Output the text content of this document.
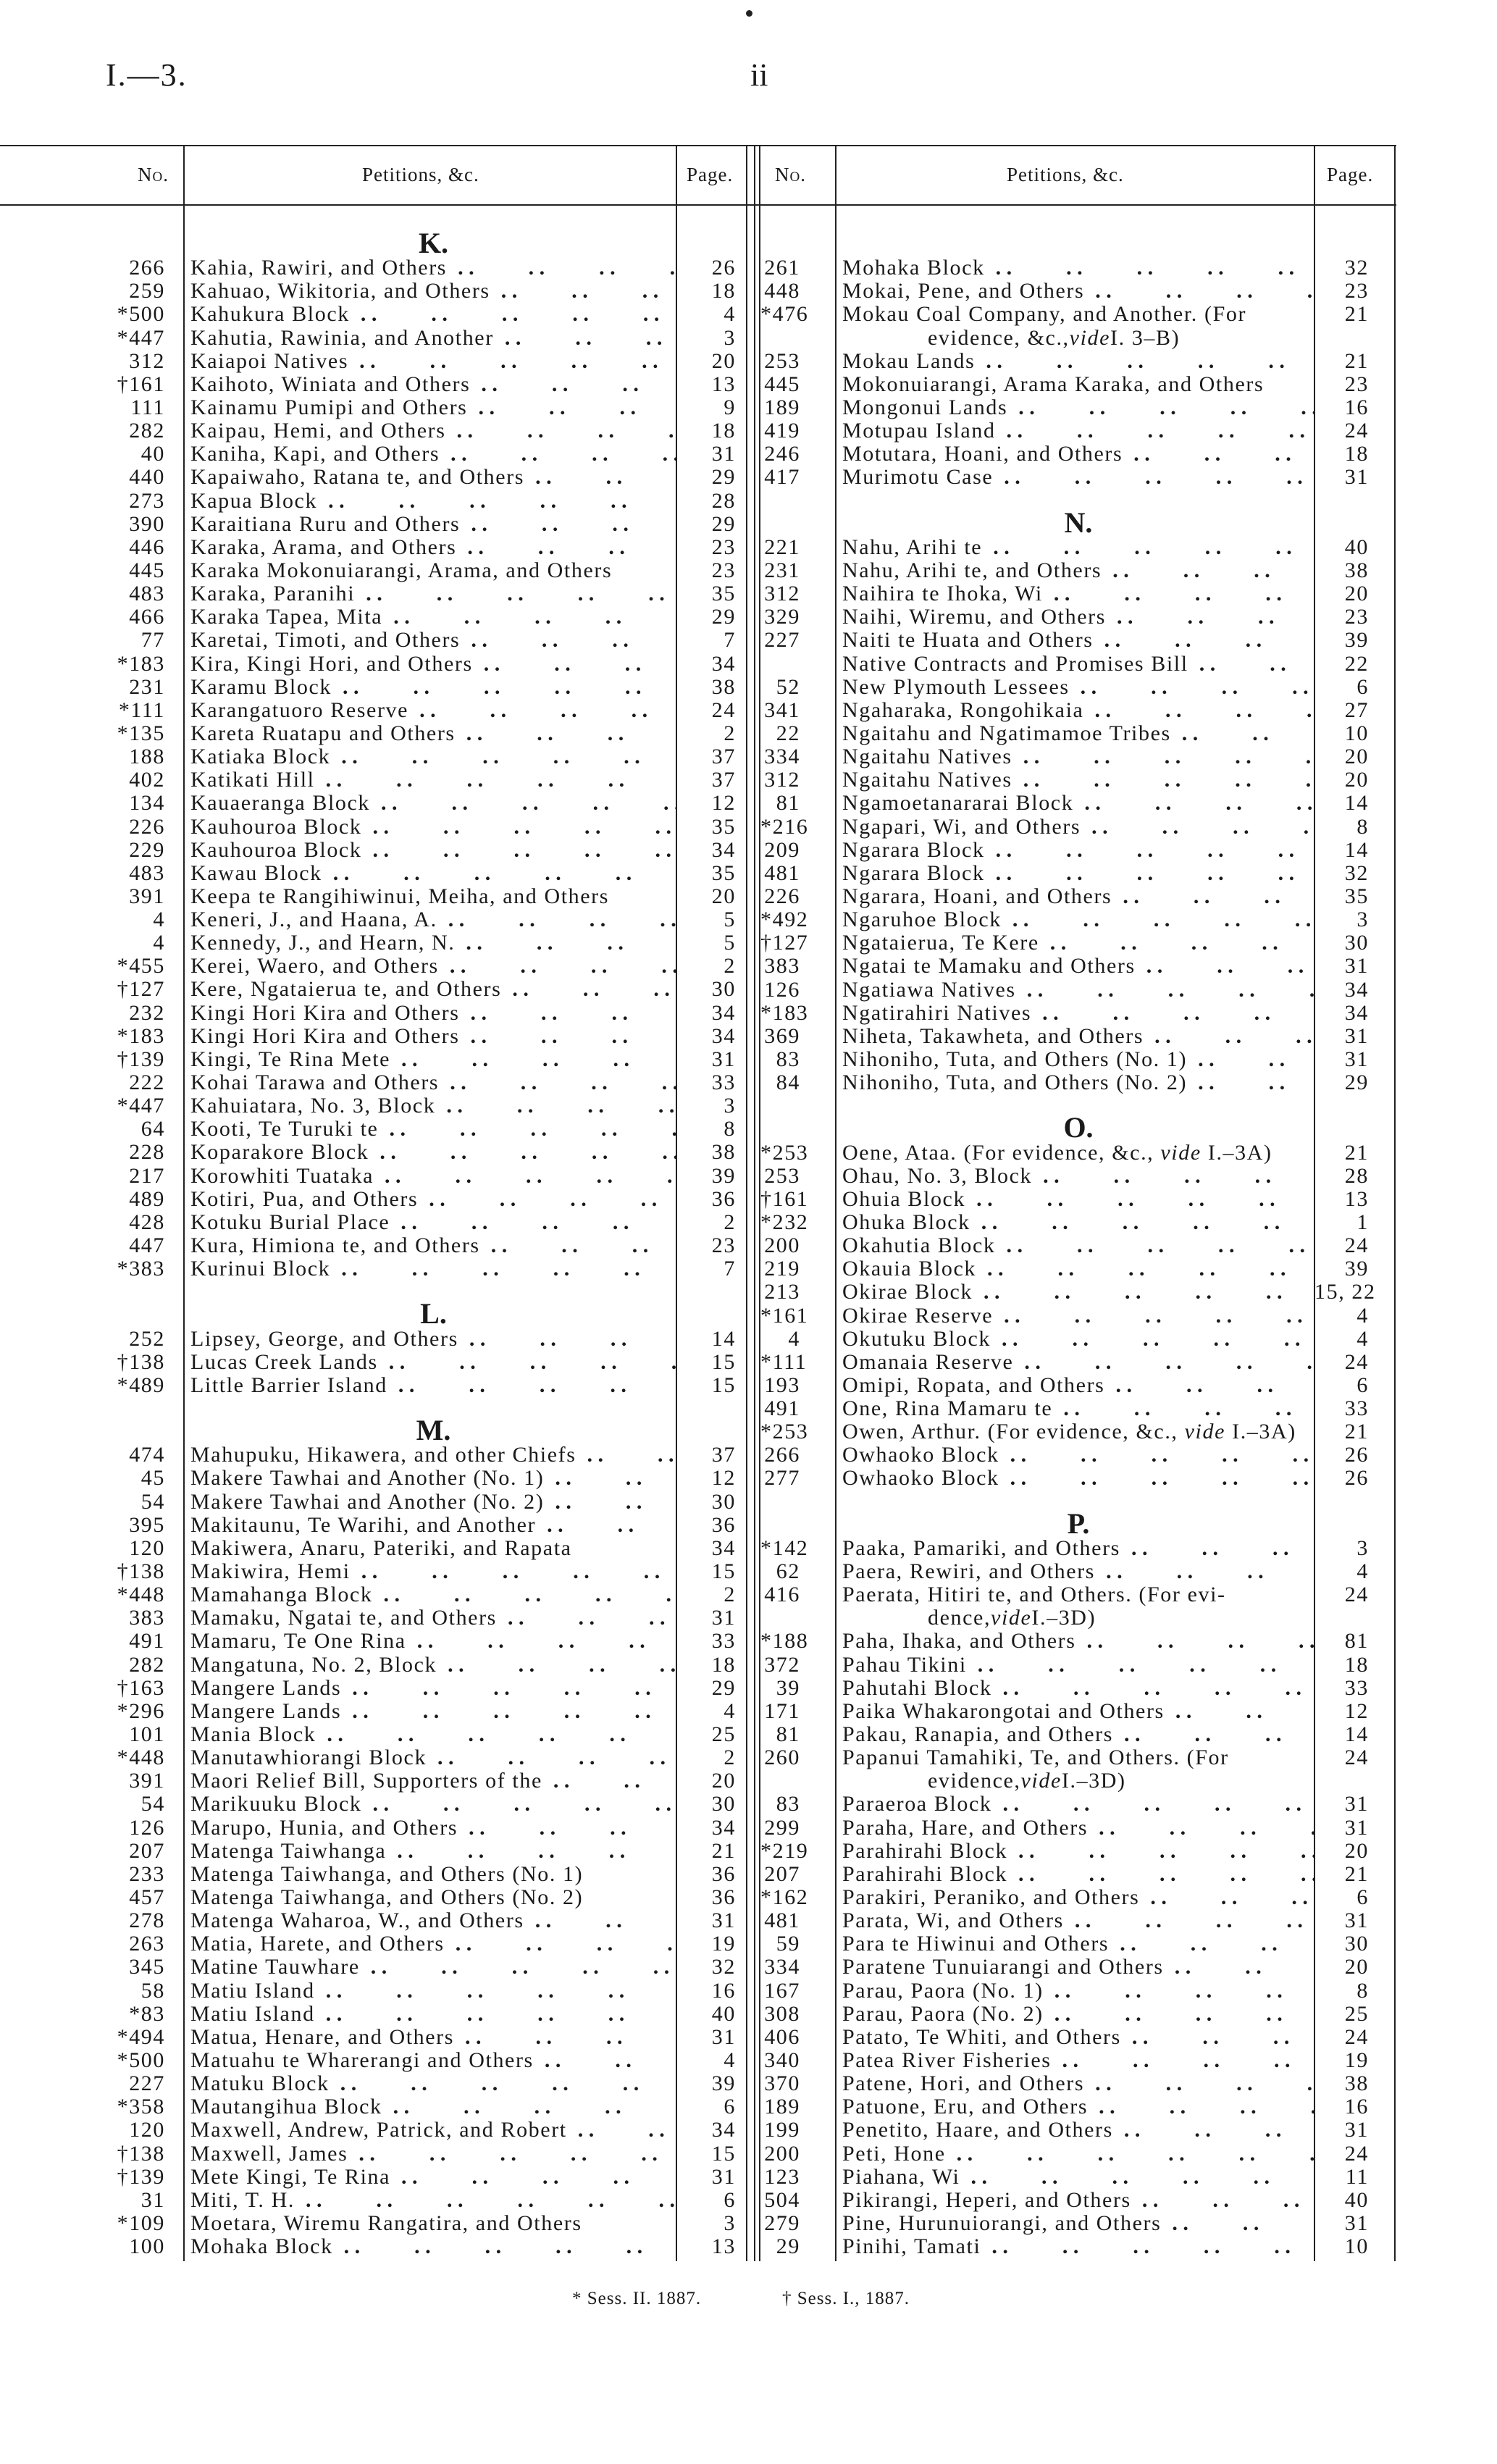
I.—3.	ii
No.	Petitions, &c.	Page. No.	Petitions, &c.	Page.
K.
266	Kahia, Rawiri, and Others . .	26
259	Kahuao, Wikitoria, and Others . .	18
*500	Kahukura Block . .	4
*447	Kahutia, Rawinia, and Another . .	3
312	Kaiapoi Natives . .	20
†161	Kaihoto, Winiata and Others . .	13
111	Kainamu Pumipi and Others . .	9
282	Kaipau, Hemi, and Others . .	18
40	Kaniha, Kapi, and Others . .	31
440	Kapaiwaho, Ratana te, and Others . .	29
273	Kapua Block . .	28
390	Karaitiana Ruru and Others . .	29
446	Karaka, Arama, and Others . .	23
445	Karaka Mokonuiarangi, Arama, and Others	23
483	Karaka, Paranihi . .	35
466	Karaka Tapea, Mita . .	29
77	Karetai, Timoti, and Others . .	7
*183	Kira, Kingi Hori, and Others . .	34
231	Karamu Block . .	38
*111	Karangatuoro Reserve . .	24
*135	Kareta Ruatapu and Others . .	2
188	Katiaka Block . .	37
402	Katikati Hill . .	37
134	Kauaeranga Block . .	12
226	Kauhouroa Block . .	35
229	Kauhouroa Block . .	34
483	Kawau Block . .	35
391	Keepa te Rangihiwinui, Meiha, and Others	20
4	Keneri, J., and Haana, A. . .	5
4	Kennedy, J., and Hearn, N. . .	5
*455	Kerei, Waero, and Others . .	2
†127	Kere, Ngataierua te, and Others . .	30
232	Kingi Hori Kira and Others . .	34
*183	Kingi Hori Kira and Others . .	34
†139	Kingi, Te Rina Mete . .	31
222	Kohai Tarawa and Others . .	33
*447	Kahuiatara, No. 3, Block . .	3
64	Kooti, Te Turuki te . .	8
228	Koparakore Block . .	38
217	Korowhiti Tuataka . .	39
489	Kotiri, Pua, and Others . .	36
428	Kotuku Burial Place . .	2
447	Kura, Himiona te, and Others . .	23
*383	Kurinui Block . .	7
L.
252	Lipsey, George, and Others . .	14
†138	Lucas Creek Lands . .	15
*489	Little Barrier Island . .	15
M.
474	Mahupuku, Hikawera, and other Chiefs . .	37
45	Makere Tawhai and Another (No. 1) . .	12
54	Makere Tawhai and Another (No. 2) . .	30
395	Makitaunu, Te Warihi, and Another . .	36
120	Makiwera, Anaru, Pateriki, and Rapata	34
†138	Makiwira, Hemi . .	15
*448	Mamahanga Block . .	2
383	Mamaku, Ngatai te, and Others . .	31
491	Mamaru, Te One Rina . .	33
282	Mangatuna, No. 2, Block . .	18
†163	Mangere Lands . .	29
*296	Mangere Lands . .	4
101	Mania Block . .	25
*448	Manutawhiorangi Block . .	2
391	Maori Relief Bill, Supporters of the . .	20
54	Marikuuku Block . .	30
126	Marupo, Hunia, and Others . .	34
207	Matenga Taiwhanga . .	21
233	Matenga Taiwhanga, and Others (No. 1)	36
457	Matenga Taiwhanga, and Others (No. 2)	36
278	Matenga Waharoa, W., and Others . .	31
263	Matia, Harete, and Others . .	19
345	Matine Tauwhare . .	32
58	Matiu Island . .	16
*83	Matiu Island . .	40
*494	Matua, Henare, and Others . .	31
*500	Matuahu te Wharerangi and Others . .	4
227	Matuku Block . .	39
*358	Mautangihua Block . .	6
120	Maxwell, Andrew, Patrick, and Robert . .	34
†138	Maxwell, James . .	15
†139	Mete Kingi, Te Rina . .	31
31	Miti, T. H. . .	6
*109	Moetara, Wiremu Rangatira, and Others	3
100	Mohaka Block . .	13
261	Mohaka Block . .	32
448	Mokai, Pene, and Others . .	23
*476	Mokau Coal Company, and Another. (For	21
evidence, &c., vide I. 3–B)
253	Mokau Lands . .	21
445	Mokonuiarangi, Arama Karaka, and Others	23
189	Mongonui Lands . .	16
419	Motupau Island . .	24
246	Motutara, Hoani, and Others . .	18
417	Murimotu Case . .	31
N.
221	Nahu, Arihi te . .	40
231	Nahu, Arihi te, and Others . .	38
312	Naihira te Ihoka, Wi . .	20
329	Naihi, Wiremu, and Others . .	23
227	Naiti te Huata and Others . .	39
Native Contracts and Promises Bill . .	22
52	New Plymouth Lessees . .	6
341	Ngaharaka, Rongohikaia . .	27
22	Ngaitahu and Ngatimamoe Tribes . .	10
334	Ngaitahu Natives . .	20
312	Ngaitahu Natives . .	20
81	Ngamoetanararai Block . .	14
*216	Ngapari, Wi, and Others . .	8
209	Ngarara Block . .	14
481	Ngarara Block . .	32
226	Ngarara, Hoani, and Others . .	35
*492	Ngaruhoe Block . .	3
†127	Ngataierua, Te Kere . .	30
383	Ngatai te Mamaku and Others . .	31
126	Ngatiawa Natives . .	34
*183	Ngatirahiri Natives . .	34
369	Niheta, Takawheta, and Others . .	31
83	Nihoniho, Tuta, and Others (No. 1) . .	31
84	Nihoniho, Tuta, and Others (No. 2) . .	29
O.
*253	Oene, Ataa. (For evidence, &c., vide I.–3A)	21
253	Ohau, No. 3, Block . .	28
†161	Ohuia Block . .	13
*232	Ohuka Block . .	1
200	Okahutia Block . .	24
219	Okauia Block . .	39
213	Okirae Block . .	15, 22
*161	Okirae Reserve . .	4
4	Okutuku Block . .	4
*111	Omanaia Reserve . .	24
193	Omipi, Ropata, and Others . .	6
491	One, Rina Mamaru te . .	33
*253	Owen, Arthur. (For evidence, &c., vide I.–3A)	21
266	Owhaoko Block . .	26
277	Owhaoko Block . .	26
P.
*142	Paaka, Pamariki, and Others . .	3
62	Paera, Rewiri, and Others . .	4
416	Paerata, Hitiri te, and Others. (For evi-	24
dence, vide I.–3D)
*188	Paha, Ihaka, and Others . .	81
372	Pahau Tikini . .	18
39	Pahutahi Block . .	33
171	Paika Whakarongotai and Others . .	12
81	Pakau, Ranapia, and Others . .	14
260	Papanui Tamahiki, Te, and Others. (For	24
evidence, vide I.–3D)
83	Paraeroa Block . .	31
299	Paraha, Hare, and Others . .	31
*219	Parahirahi Block . .	20
207	Parahirahi Block . .	21
*162	Parakiri, Peraniko, and Others . .	6
481	Parata, Wi, and Others . .	31
59	Para te Hiwinui and Others . .	30
334	Paratene Tunuiarangi and Others . .	20
167	Parau, Paora (No. 1) . .	8
308	Parau, Paora (No. 2) . .	25
406	Patato, Te Whiti, and Others . .	24
340	Patea River Fisheries . .	19
370	Patene, Hori, and Others . .	38
189	Patuone, Eru, and Others . .	16
199	Penetito, Haare, and Others . .	31
200	Peti, Hone . .	24
123	Piahana, Wi . .	11
504	Pikirangi, Heperi, and Others . .	40
279	Pine, Hurunuiorangi, and Others . .	31
29	Pinihi, Tamati . .	10
* Sess. II. 1887.	† Sess. I., 1887.
